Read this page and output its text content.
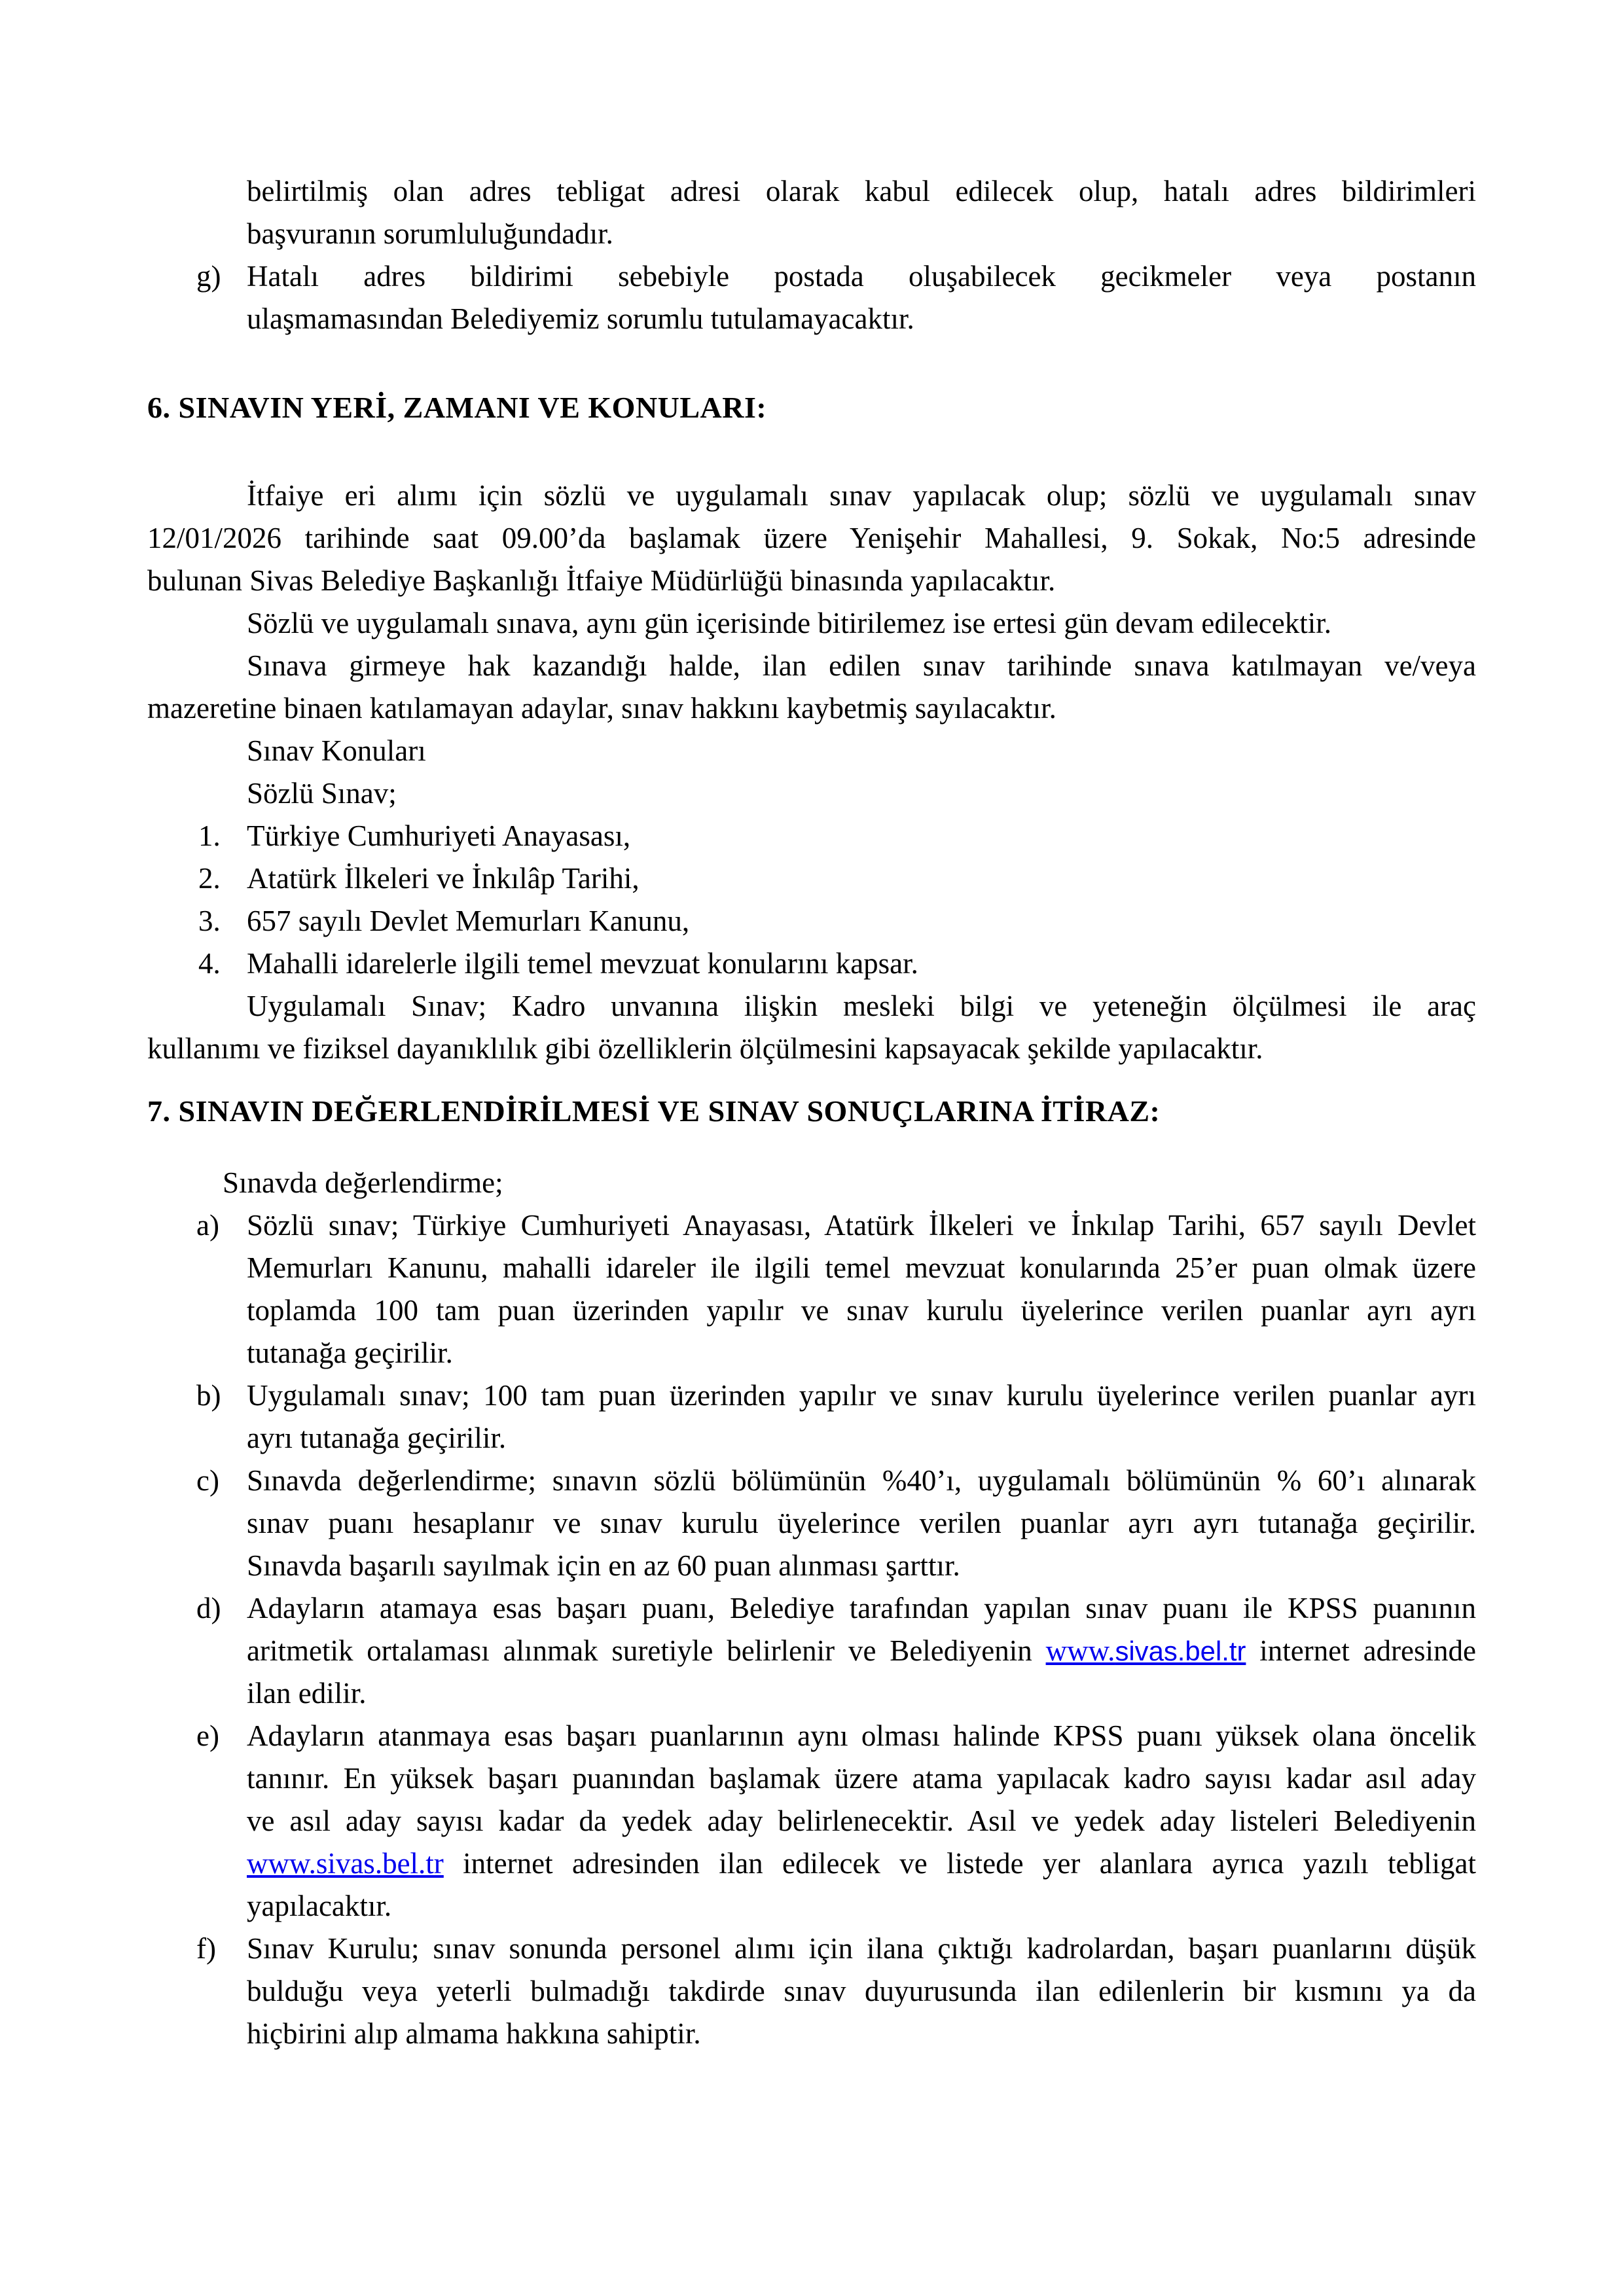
belirtilmiş olan adres tebligat adresi olarak kabul edilecek olup, hatalı adres bildirimleri
başvuranın sorumluluğundadır.
g) Hatalı adres bildirimi sebebiyle postada oluşabilecek gecikmeler veya postanın
ulaşmamasından Belediyemiz sorumlu tutulamayacaktır.
6. SINAVIN YERİ, ZAMANI VE KONULARI:
İtfaiye eri alımı için sözlü ve uygulamalı sınav yapılacak olup; sözlü ve uygulamalı sınav
12/01/2026 tarihinde saat 09.00’da başlamak üzere Yenişehir Mahallesi, 9. Sokak, No:5 adresinde
bulunan Sivas Belediye Başkanlığı İtfaiye Müdürlüğü binasında yapılacaktır.
Sözlü ve uygulamalı sınava, aynı gün içerisinde bitirilemez ise ertesi gün devam edilecektir.
Sınava girmeye hak kazandığı halde, ilan edilen sınav tarihinde sınava katılmayan ve/veya
mazeretine binaen katılamayan adaylar, sınav hakkını kaybetmiş sayılacaktır.
Sınav Konuları
Sözlü Sınav;
1. Türkiye Cumhuriyeti Anayasası,
2. Atatürk İlkeleri ve İnkılâp Tarihi,
3. 657 sayılı Devlet Memurları Kanunu,
4. Mahalli idarelerle ilgili temel mevzuat konularını kapsar.
Uygulamalı Sınav; Kadro unvanına ilişkin mesleki bilgi ve yeteneğin ölçülmesi ile araç
kullanımı ve fiziksel dayanıklılık gibi özelliklerin ölçülmesini kapsayacak şekilde yapılacaktır.
7. SINAVIN DEĞERLENDİRİLMESİ VE SINAV SONUÇLARINA İTİRAZ:
Sınavda değerlendirme;
a) Sözlü sınav; Türkiye Cumhuriyeti Anayasası, Atatürk İlkeleri ve İnkılap Tarihi, 657 sayılı Devlet
Memurları Kanunu, mahalli idareler ile ilgili temel mevzuat konularında 25’er puan olmak üzere
toplamda 100 tam puan üzerinden yapılır ve sınav kurulu üyelerince verilen puanlar ayrı ayrı
tutanağa geçirilir.
b) Uygulamalı sınav; 100 tam puan üzerinden yapılır ve sınav kurulu üyelerince verilen puanlar ayrı
ayrı tutanağa geçirilir.
c) Sınavda değerlendirme; sınavın sözlü bölümünün %40’ı, uygulamalı bölümünün % 60’ı alınarak
sınav puanı hesaplanır ve sınav kurulu üyelerince verilen puanlar ayrı ayrı tutanağa geçirilir.
Sınavda başarılı sayılmak için en az 60 puan alınması şarttır.
d) Adayların atamaya esas başarı puanı, Belediye tarafından yapılan sınav puanı ile KPSS puanının
aritmetik ortalaması alınmak suretiyle belirlenir ve Belediyenin www.sivas.bel.tr internet adresinde
ilan edilir.
e) Adayların atanmaya esas başarı puanlarının aynı olması halinde KPSS puanı yüksek olana öncelik
tanınır. En yüksek başarı puanından başlamak üzere atama yapılacak kadro sayısı kadar asıl aday
ve asıl aday sayısı kadar da yedek aday belirlenecektir. Asıl ve yedek aday listeleri Belediyenin
www.sivas.bel.tr internet adresinden ilan edilecek ve listede yer alanlara ayrıca yazılı tebligat
yapılacaktır.
f) Sınav Kurulu; sınav sonunda personel alımı için ilana çıktığı kadrolardan, başarı puanlarını düşük
bulduğu veya yeterli bulmadığı takdirde sınav duyurusunda ilan edilenlerin bir kısmını ya da
hiçbirini alıp almama hakkına sahiptir.
